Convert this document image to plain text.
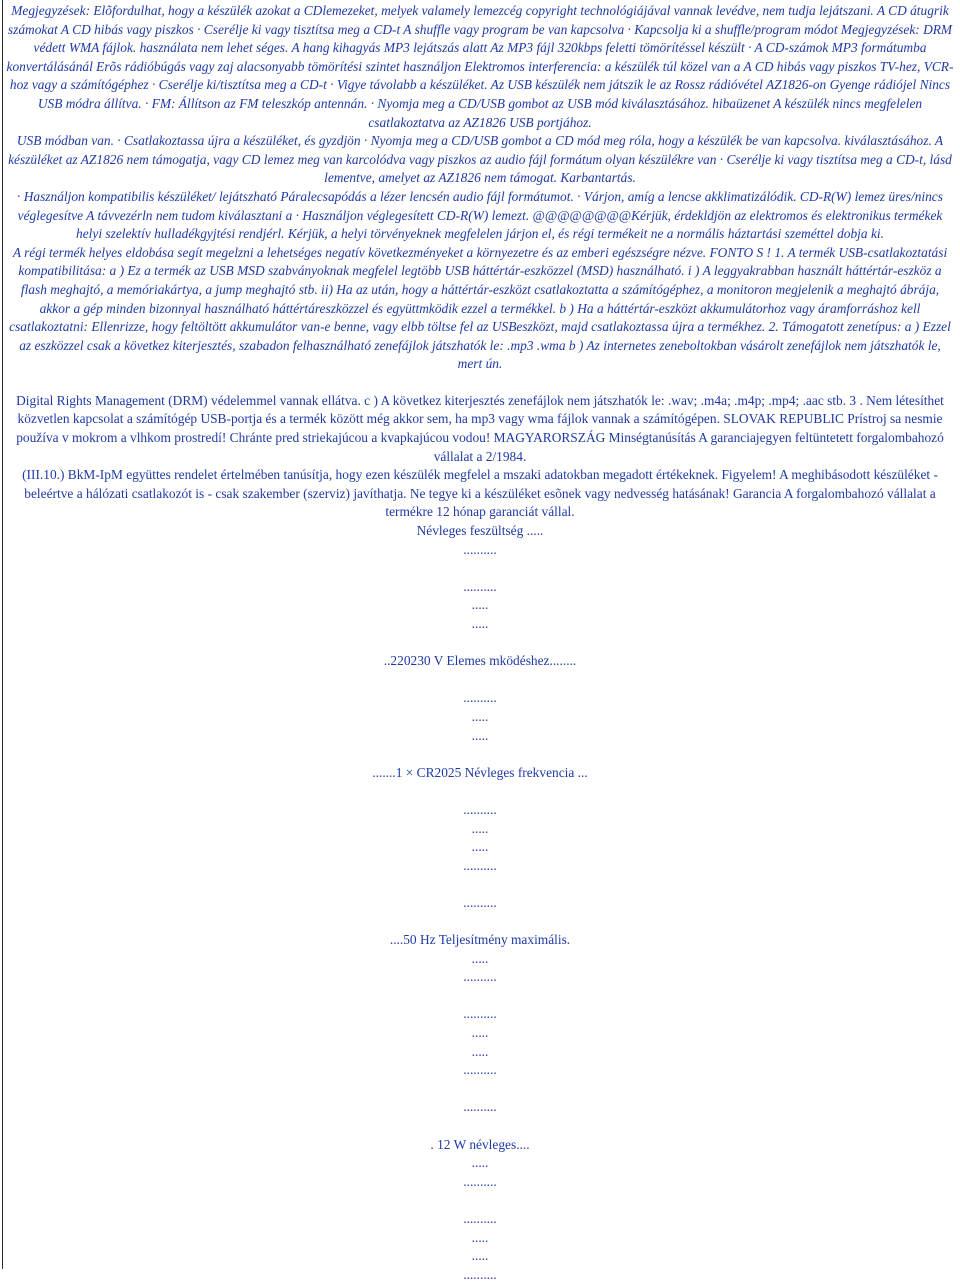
Megjegyzések: Elõfordulhat, hogy a készülék azokat a CDlemezeket, melyek valamely lemezcég copyright technológiájával vannak levédve, nem tudja lejátszani. A CD átugrik számokat A CD hibás vagy piszkos · Cserélje ki vagy tisztítsa meg a CD-t A shuffle vagy program be van kapcsolva · Kapcsolja ki a shuffle/program módot Megjegyzések: DRM védett WMA fájlok. használata nem lehet séges. A hang kihagyás MP3 lejátszás alatt Az MP3 fájl 320kbps feletti tömörítéssel készült · A CD-számok MP3 formátumba konvertálásánál Erõs rádióbúgás vagy zaj alacsonyabb tömörítési szintet használjon Elektromos interferencia: a készülék túl közel van a A CD hibás vagy piszkos TV-hez, VCR-hoz vagy a számítógéphez · Cserélje ki/tisztítsa meg a CD-t · Vigye távolabb a készüléket. Az USB készülék nem játszik le az Rossz rádióvétel AZ1826-on Gyenge rádiójel Nincs USB módra állítva. · FM: Állítson az FM teleszkóp antennán. · Nyomja meg a CD/USB gombot az USB mód kiválasztásához. hibaüzenet A készülék nincs megfelelen csatlakoztatva az AZ1826 USB portjához.

USB módban van. · Csatlakoztassa újra a készüléket, és gyzdjön · Nyomja meg a CD/USB gombot a CD mód meg róla, hogy a készülék be van kapcsolva. kiválasztásához. A készüléket az AZ1826 nem támogatja, vagy CD lemez meg van karcolódva vagy piszkos az audio fájl formátum olyan készülékre van · Cserélje ki vagy tisztítsa meg a CD-t, lásd lementve, amelyet az AZ1826 nem támogat. Karbantartás.

· Használjon kompatibilis készüléket/ lejátszható Páralecsapódás a lézer lencsén audio fájl formátumot. · Várjon, amíg a lencse akklimatizálódik. CD-R(W) lemez üres/nincs véglegesítve A távvezérln nem tudom kiválasztani a · Használjon véglegesített CD-R(W) lemezt. @@@@@@@@Kérjük, érdekldjön az elektromos és elektronikus termékek helyi szelektív hulladékgyjtési rendjérl. Kérjük, a helyi törvényeknek megfelelen járjon el, és régi termékeit ne a normális háztartási szeméttel dobja ki.

A régi termék helyes eldobása segít megelzni a lehetséges negatív következményeket a környezetre és az emberi egészségre nézve. FONTO S ! 1. A termék USB-csatlakoztatási kompatibilitása: a ) Ez a termék az USB MSD szabványoknak megfelel legtöbb USB háttértár-eszközzel (MSD) használható. i ) A leggyakrabban használt háttértár-eszköz a flash meghajtó, a memóriakártya, a jump meghajtó stb. ii) Ha az után, hogy a háttértár-eszközt csatlakoztatta a számítógéphez, a monitoron megjelenik a meghajtó ábrája, akkor a gép minden bizonnyal használható háttértáreszközzel és együttmködik ezzel a termékkel. b ) Ha a háttértár-eszközt akkumulátorhoz vagy áramforráshoz kell csatlakoztatni: Ellenrizze, hogy feltöltött akkumulátor van-e benne, vagy elbb töltse fel az USBeszközt, majd csatlakoztassa újra a termékhez. 2. Támogatott zenetípus: a ) Ezzel az eszközzel csak a következ kiterjesztés, szabadon felhasználható zenefájlok játszhatók le: .mp3 .wma b ) Az internetes zeneboltokban vásárolt zenefájlok nem játszhatók le, mert ún.

Digital Rights Management (DRM) védelemmel vannak ellátva. c ) A következ kiterjesztés zenefájlok nem játszhatók le: .wav; .m4a; .m4p; .mp4; .aac stb. 3 . Nem létesíthet közvetlen kapcsolat a számítógép USB-portja és a termék között még akkor sem, ha mp3 vagy wma fájlok vannak a számítógépen. SLOVAK REPUBLIC Prístroj sa nesmie používa v mokrom a vlhkom prostredí! Chránte pred striekajúcou a kvapkajúcou vodou! MAGYARORSZÁG Minségtanúsítás A garanciajegyen feltüntetett forgalombahozó vállalat a 2/1984.

(III.10.) BkM-IpM együttes rendelet értelmében tanúsítja, hogy ezen készülék megfelel a mszaki adatokban megadott értékeknek. Figyelem! A meghibásodott készüléket - beleértve a hálózati csatlakozót is - csak szakember (szerviz) javíthatja. Ne tegye ki a készüléket esõnek vagy nedvesség hatásának! Garancia A forgalombahozó vállalat a termékre 12 hónap garanciát vállal.

Névleges feszültség .....

..........

..........

.....

.....

..220230 V Elemes mködéshez........

..........

.....

.....

.......1 × CR2025 Névleges frekvencia ...

..........

.....

.....

..........

..........

....50 Hz Teljesítmény maximális.

.....

..........

..........

.....

.....

..........

..........

. 12 W névleges....

.....

..........

..........

.....

.....

..........
